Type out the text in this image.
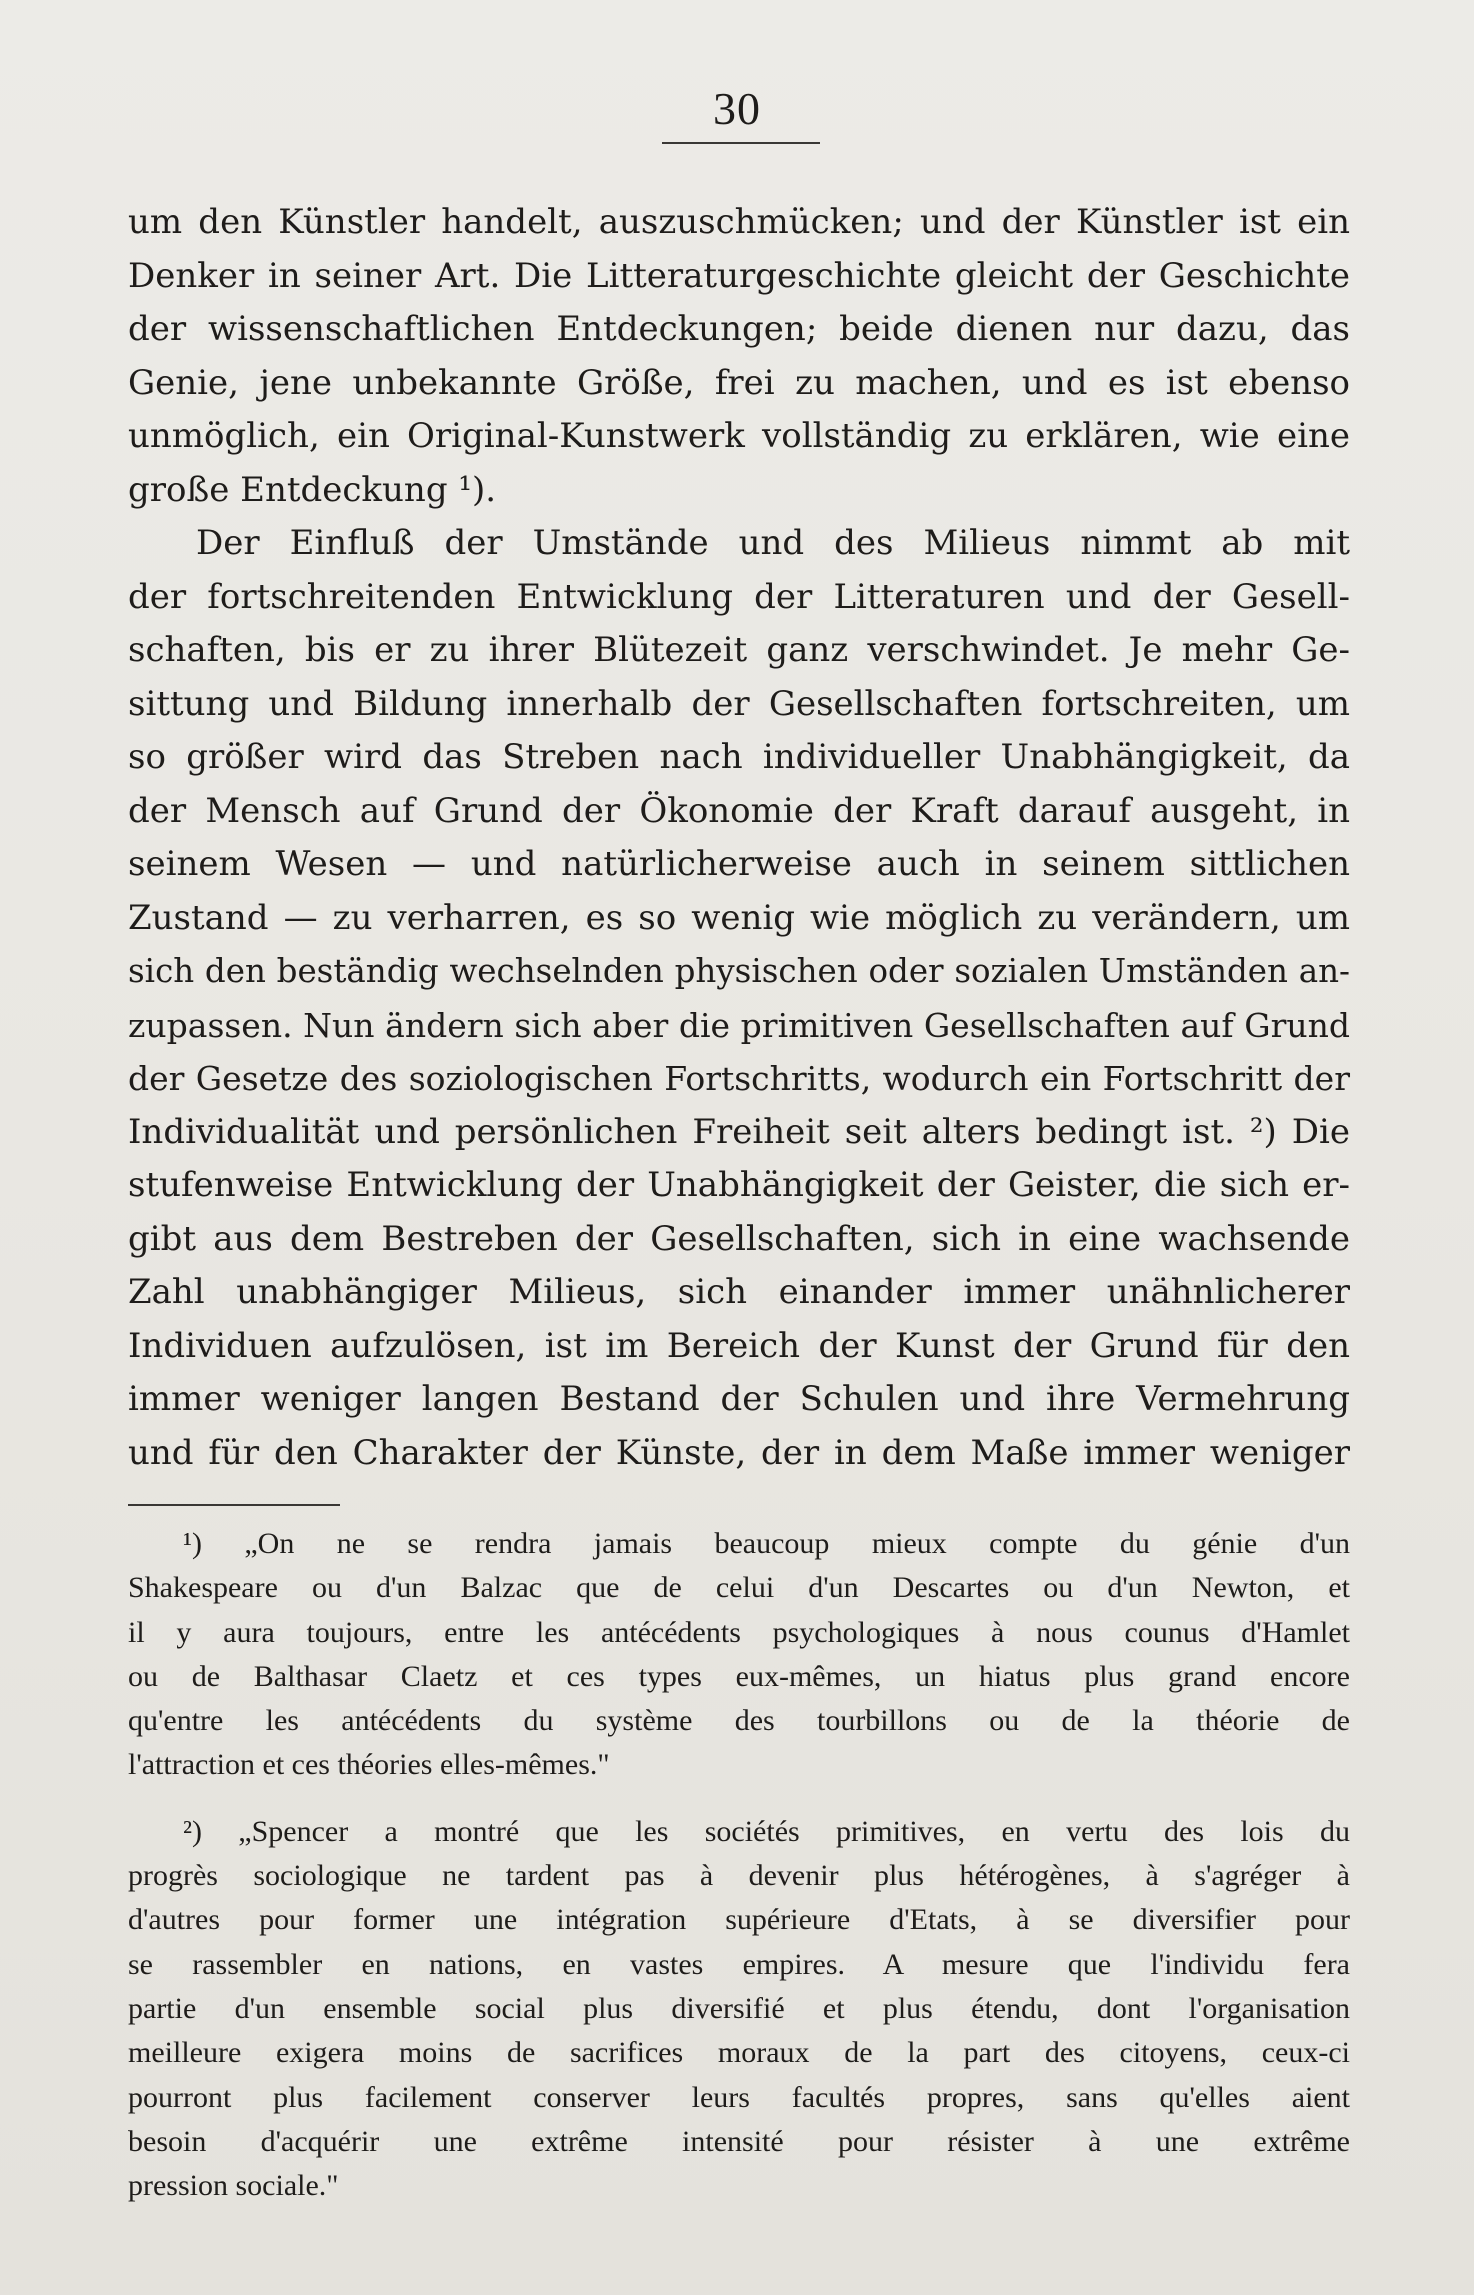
30
um den Künstler handelt, auszuschmücken; und der Künstler ist ein
Denker in seiner Art. Die Litteraturgeschichte gleicht der Geschichte
der wissenschaftlichen Entdeckungen; beide dienen nur dazu, das
Genie, jene unbekannte Größe, frei zu machen, und es ist ebenso
unmöglich, ein Original-Kunstwerk vollständig zu erklären, wie eine
große Entdeckung ¹).
Der Einfluß der Umstände und des Milieus nimmt ab mit
der fortschreitenden Entwicklung der Litteraturen und der Gesell-
schaften, bis er zu ihrer Blütezeit ganz verschwindet. Je mehr Ge-
sittung und Bildung innerhalb der Gesellschaften fortschreiten, um
so größer wird das Streben nach individueller Unabhängigkeit, da
der Mensch auf Grund der Ökonomie der Kraft darauf ausgeht, in
seinem Wesen — und natürlicherweise auch in seinem sittlichen
Zustand — zu verharren, es so wenig wie möglich zu verändern, um
sich den beständig wechselnden physischen oder sozialen Umständen an-
zupassen. Nun ändern sich aber die primitiven Gesellschaften auf Grund
der Gesetze des soziologischen Fortschritts, wodurch ein Fortschritt der
Individualität und persönlichen Freiheit seit alters bedingt ist. ²) Die
stufenweise Entwicklung der Unabhängigkeit der Geister, die sich er-
gibt aus dem Bestreben der Gesellschaften, sich in eine wachsende
Zahl unabhängiger Milieus, sich einander immer unähnlicherer
Individuen aufzulösen, ist im Bereich der Kunst der Grund für den
immer weniger langen Bestand der Schulen und ihre Vermehrung
und für den Charakter der Künste, der in dem Maße immer weniger
¹) „On ne se rendra jamais beaucoup mieux compte du génie d'un
Shakespeare ou d'un Balzac que de celui d'un Descartes ou d'un Newton, et
il y aura toujours, entre les antécédents psychologiques à nous counus d'Hamlet
ou de Balthasar Claetz et ces types eux-mêmes, un hiatus plus grand encore
qu'entre les antécédents du système des tourbillons ou de la théorie de
l'attraction et ces théories elles-mêmes."
²) „Spencer a montré que les sociétés primitives, en vertu des lois du
progrès sociologique ne tardent pas à devenir plus hétérogènes, à s'agréger à
d'autres pour former une intégration supérieure d'Etats, à se diversifier pour
se rassembler en nations, en vastes empires. A mesure que l'individu fera
partie d'un ensemble social plus diversifié et plus étendu, dont l'organisation
meilleure exigera moins de sacrifices moraux de la part des citoyens, ceux-ci
pourront plus facilement conserver leurs facultés propres, sans qu'elles aient
besoin d'acquérir une extrême intensité pour résister à une extrême
pression sociale."
